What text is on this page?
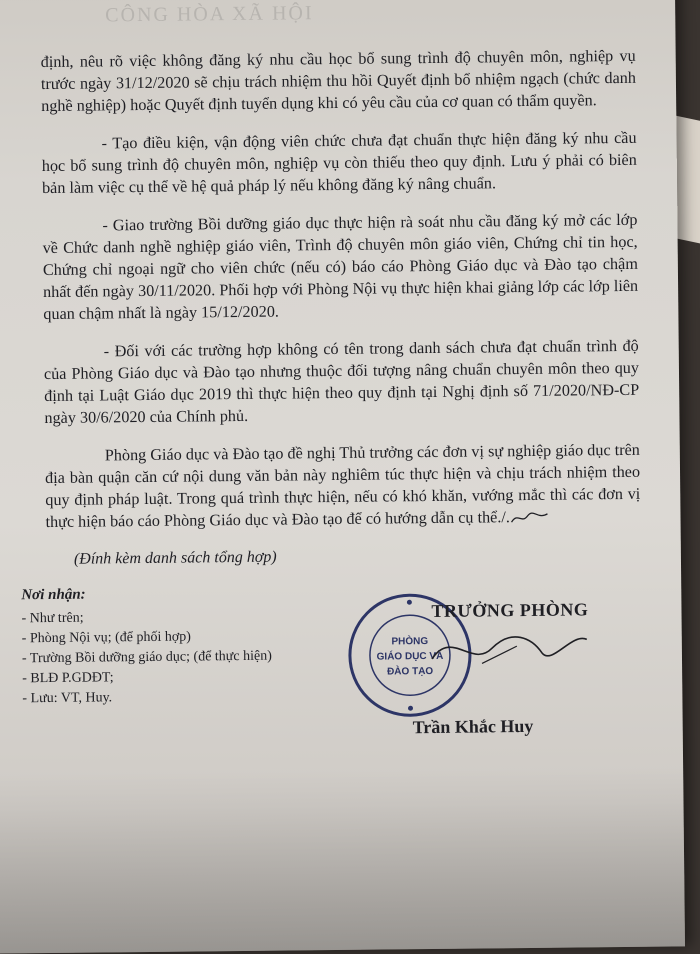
CÔNG HÒA XÃ HỘI

định, nêu rõ việc không đăng ký nhu cầu học bổ sung trình độ chuyên môn, nghiệp vụ trước ngày 31/12/2020 sẽ chịu trách nhiệm thu hồi Quyết định bổ nhiệm ngạch (chức danh nghề nghiệp) hoặc Quyết định tuyển dụng khi có yêu cầu của cơ quan có thẩm quyền.

- Tạo điều kiện, vận động viên chức chưa đạt chuẩn thực hiện đăng ký nhu cầu học bổ sung trình độ chuyên môn, nghiệp vụ còn thiếu theo quy định. Lưu ý phải có biên bản làm việc cụ thể về hệ quả pháp lý nếu không đăng ký nâng chuẩn.

- Giao trường Bồi dưỡng giáo dục thực hiện rà soát nhu cầu đăng ký mở các lớp về Chức danh nghề nghiệp giáo viên, Trình độ chuyên môn giáo viên, Chứng chỉ tin học, Chứng chỉ ngoại ngữ cho viên chức (nếu có) báo cáo Phòng Giáo dục và Đào tạo chậm nhất đến ngày 30/11/2020. Phối hợp với Phòng Nội vụ thực hiện khai giảng lớp các lớp liên quan chậm nhất là ngày 15/12/2020.

- Đối với các trường hợp không có tên trong danh sách chưa đạt chuẩn trình độ của Phòng Giáo dục và Đào tạo nhưng thuộc đối tượng nâng chuẩn chuyên môn theo quy định tại Luật Giáo dục 2019 thì thực hiện theo quy định tại Nghị định số 71/2020/NĐ-CP ngày 30/6/2020 của Chính phủ.

Phòng Giáo dục và Đào tạo đề nghị Thủ trưởng các đơn vị sự nghiệp giáo dục trên địa bàn quận căn cứ nội dung văn bản này nghiêm túc thực hiện và chịu trách nhiệm theo quy định pháp luật. Trong quá trình thực hiện, nếu có khó khăn, vướng mắc thì các đơn vị thực hiện báo cáo Phòng Giáo dục và Đào tạo để có hướng dẫn cụ thể./.

(Đính kèm danh sách tổng hợp)
Nơi nhận:

- Như trên;

- Phòng Nội vụ; (để phối hợp)

- Trường Bồi dưỡng giáo dục; (để thực hiện)

- BLĐ P.GDĐT;

- Lưu: VT, Huy.

PHÒNG
GIÁO DỤC VÀ
ĐÀO TẠO
TRƯỞNG PHÒNG
Trần Khắc Huy
